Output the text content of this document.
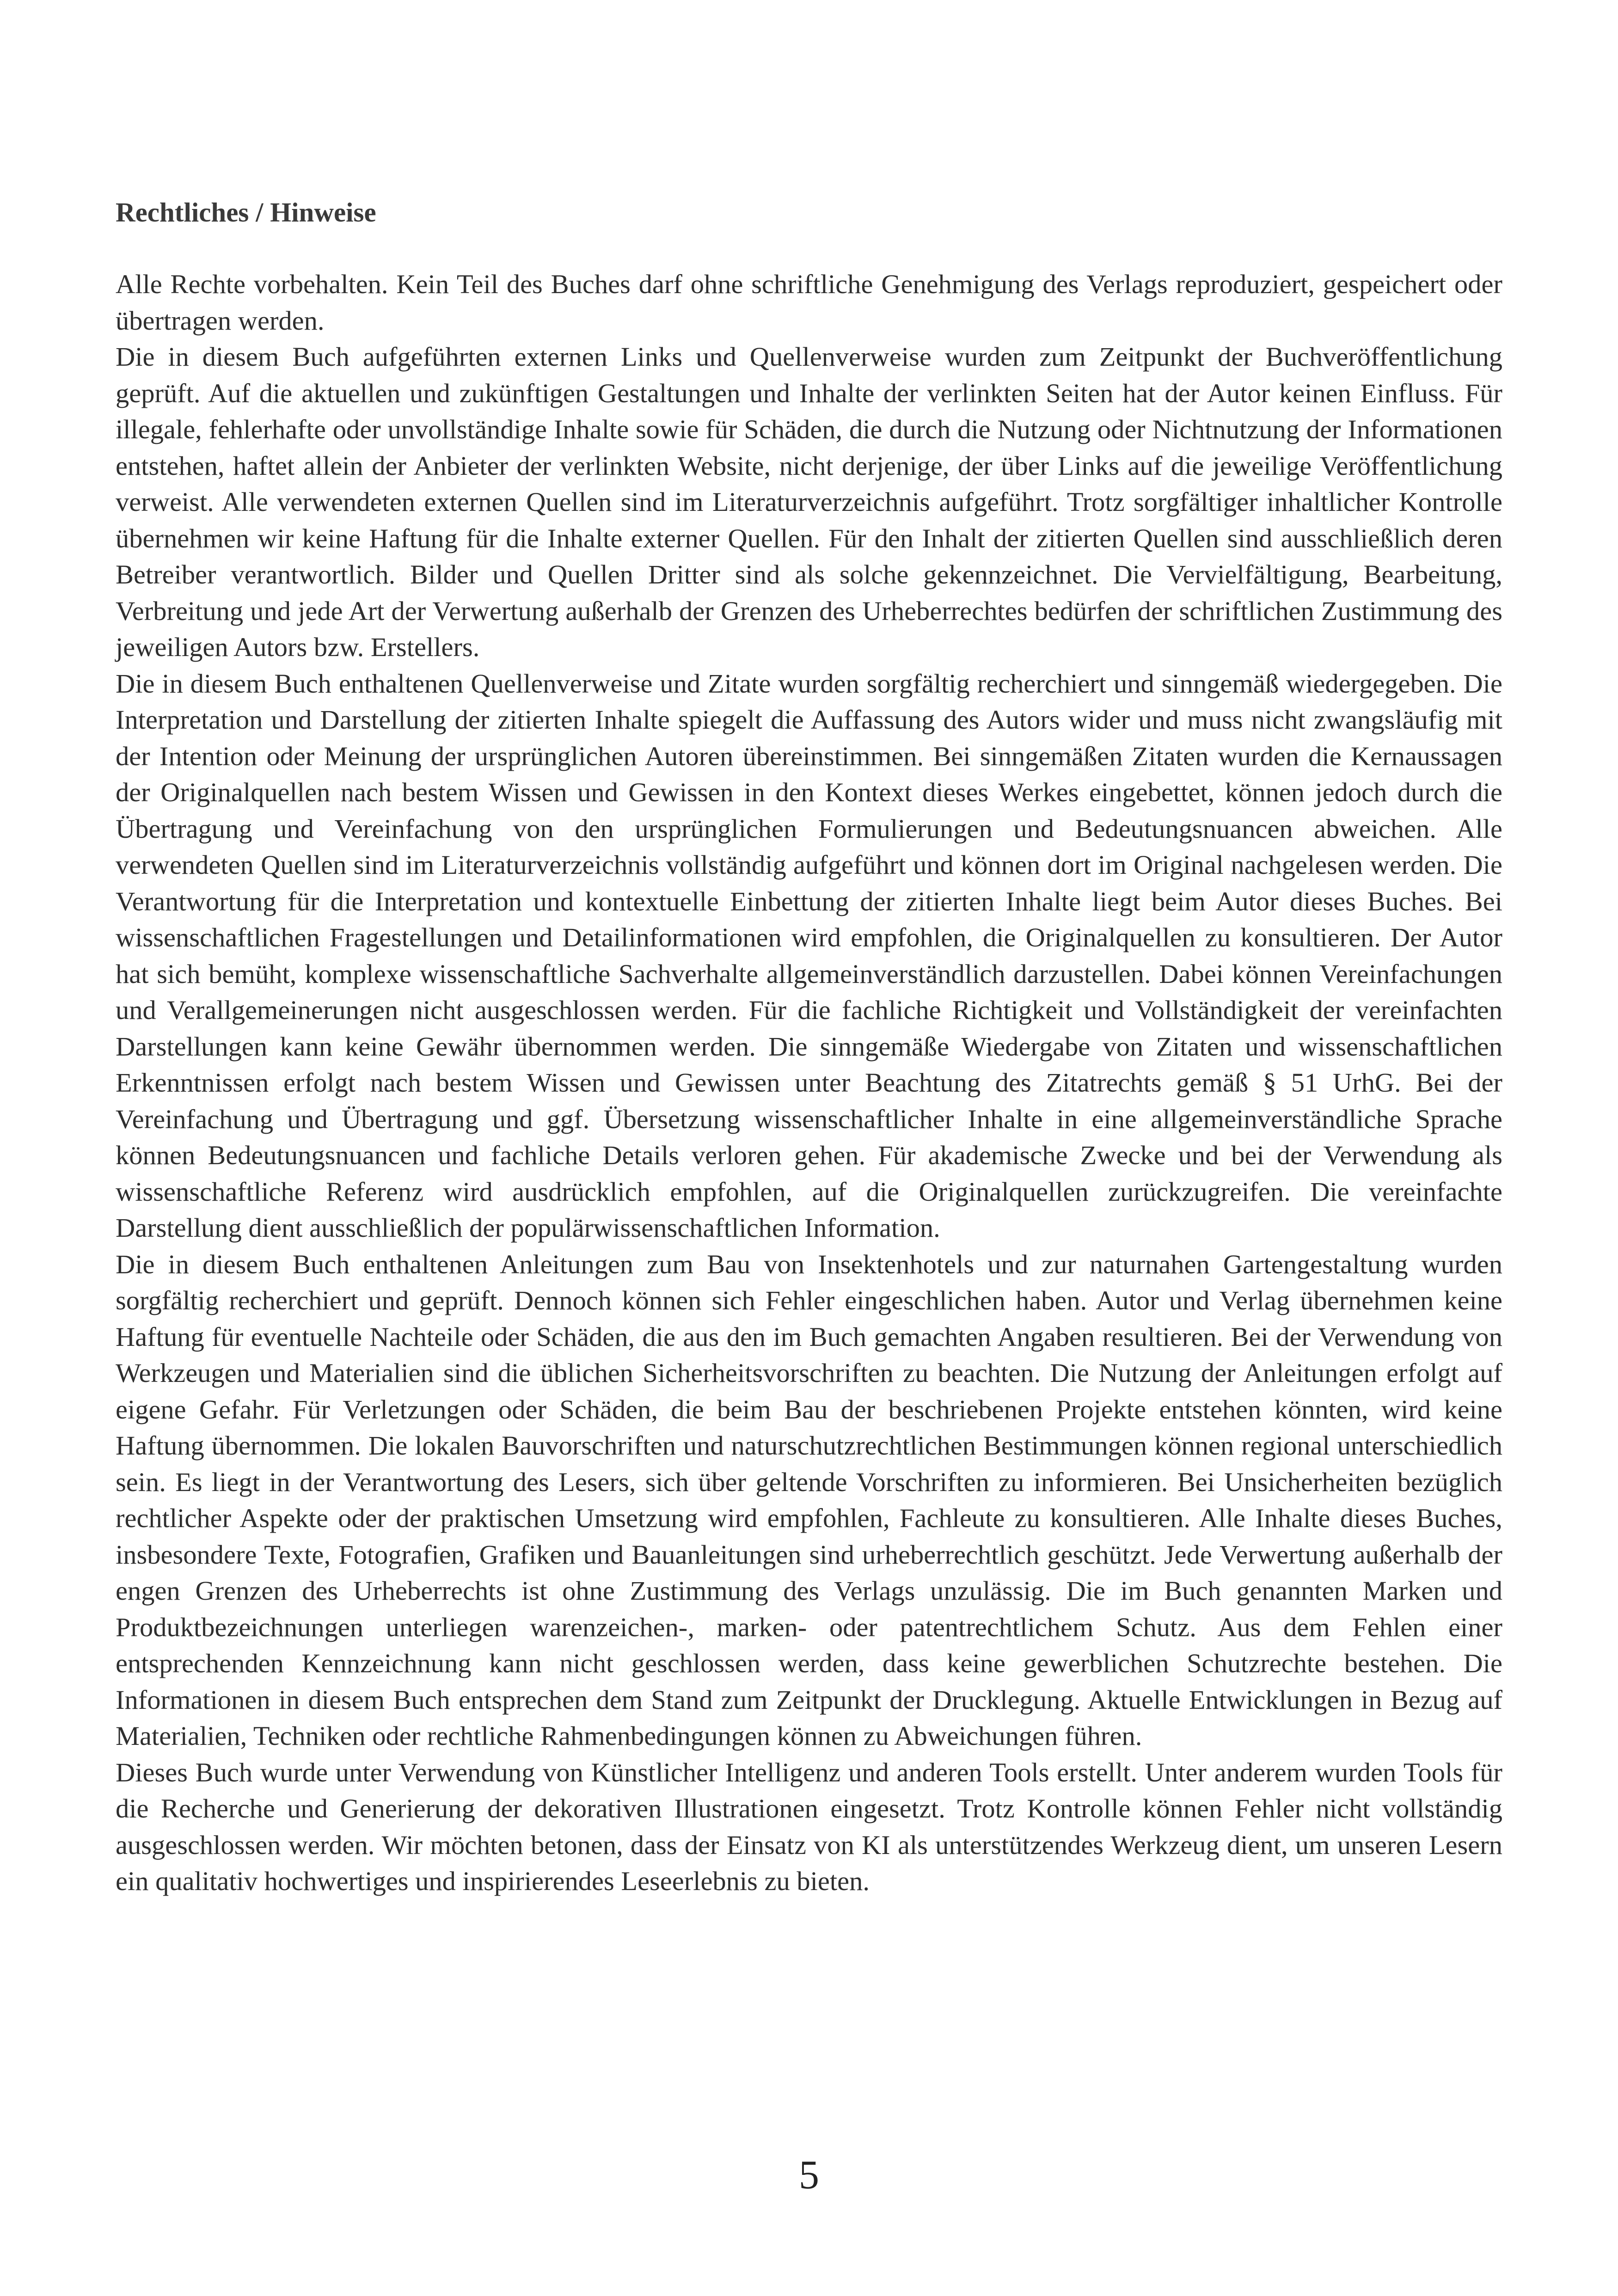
Rechtliches / Hinweise

Alle Rechte vorbehalten. Kein Teil des Buches darf ohne schriftliche Genehmigung des Verlags reproduziert, gespeichert oder übertragen werden.

Die in diesem Buch aufgeführten externen Links und Quellenverweise wurden zum Zeitpunkt der Buchveröffentlichung geprüft. Auf die aktuellen und zukünftigen Gestaltungen und Inhalte der verlinkten Seiten hat der Autor keinen Einfluss. Für illegale, fehlerhafte oder unvollständige Inhalte sowie für Schäden, die durch die Nutzung oder Nichtnutzung der Informationen entstehen, haftet allein der Anbieter der verlinkten Website, nicht derjenige, der über Links auf die jeweilige Veröffentlichung verweist. Alle verwendeten externen Quellen sind im Literaturverzeichnis aufgeführt. Trotz sorgfältiger inhaltlicher Kontrolle übernehmen wir keine Haftung für die Inhalte externer Quellen. Für den Inhalt der zitierten Quellen sind ausschließlich deren Betreiber verantwortlich. Bilder und Quellen Dritter sind als solche gekennzeichnet. Die Vervielfältigung, Bearbeitung, Verbreitung und jede Art der Verwertung außerhalb der Grenzen des Urheberrechtes bedürfen der schriftlichen Zustimmung des jeweiligen Autors bzw. Erstellers.

Die in diesem Buch enthaltenen Quellenverweise und Zitate wurden sorgfältig recherchiert und sinngemäß wiedergegeben. Die Interpretation und Darstellung der zitierten Inhalte spiegelt die Auffassung des Autors wider und muss nicht zwangsläufig mit der Intention oder Meinung der ursprünglichen Autoren übereinstimmen. Bei sinngemäßen Zitaten wurden die Kernaussagen der Originalquellen nach bestem Wissen und Gewissen in den Kontext dieses Werkes eingebettet, können jedoch durch die Übertragung und Vereinfachung von den ursprünglichen Formulierungen und Bedeutungsnuancen abweichen. Alle verwendeten Quellen sind im Literaturverzeichnis vollständig aufgeführt und können dort im Original nachgelesen werden. Die Verantwortung für die Interpretation und kontextuelle Einbettung der zitierten Inhalte liegt beim Autor dieses Buches. Bei wissenschaftlichen Fragestellungen und Detailinformationen wird empfohlen, die Originalquellen zu konsultieren. Der Autor hat sich bemüht, komplexe wissenschaftliche Sachverhalte allgemeinverständlich darzustellen. Dabei können Vereinfachungen und Verallgemeinerungen nicht ausgeschlossen werden. Für die fachliche Richtigkeit und Vollständigkeit der vereinfachten Darstellungen kann keine Gewähr übernommen werden. Die sinngemäße Wiedergabe von Zitaten und wissenschaftlichen Erkenntnissen erfolgt nach bestem Wissen und Gewissen unter Beachtung des Zitatrechts gemäß § 51 UrhG. Bei der Vereinfachung und Übertragung und ggf. Übersetzung wissenschaftlicher Inhalte in eine allgemeinverständliche Sprache können Bedeutungsnuancen und fachliche Details verloren gehen. Für akademische Zwecke und bei der Verwendung als wissenschaftliche Referenz wird ausdrücklich empfohlen, auf die Originalquellen zurückzugreifen. Die vereinfachte Darstellung dient ausschließlich der populärwissenschaftlichen Information.

Die in diesem Buch enthaltenen Anleitungen zum Bau von Insektenhotels und zur naturnahen Gartengestaltung wurden sorgfältig recherchiert und geprüft. Dennoch können sich Fehler eingeschlichen haben. Autor und Verlag übernehmen keine Haftung für eventuelle Nachteile oder Schäden, die aus den im Buch gemachten Angaben resultieren. Bei der Verwendung von Werkzeugen und Materialien sind die üblichen Sicherheitsvorschriften zu beachten. Die Nutzung der Anleitungen erfolgt auf eigene Gefahr. Für Verletzungen oder Schäden, die beim Bau der beschriebenen Projekte entstehen könnten, wird keine Haftung übernommen. Die lokalen Bauvorschriften und naturschutzrechtlichen Bestimmungen können regional unterschiedlich sein. Es liegt in der Verantwortung des Lesers, sich über geltende Vorschriften zu informieren. Bei Unsicherheiten bezüglich rechtlicher Aspekte oder der praktischen Umsetzung wird empfohlen, Fachleute zu konsultieren. Alle Inhalte dieses Buches, insbesondere Texte, Fotografien, Grafiken und Bauanleitungen sind urheberrechtlich geschützt. Jede Verwertung außerhalb der engen Grenzen des Urheberrechts ist ohne Zustimmung des Verlags unzulässig. Die im Buch genannten Marken und Produktbezeichnungen unterliegen warenzeichen-, marken- oder patentrechtlichem Schutz. Aus dem Fehlen einer entsprechenden Kennzeichnung kann nicht geschlossen werden, dass keine gewerblichen Schutzrechte bestehen. Die Informationen in diesem Buch entsprechen dem Stand zum Zeitpunkt der Drucklegung. Aktuelle Entwicklungen in Bezug auf Materialien, Techniken oder rechtliche Rahmenbedingungen können zu Abweichungen führen.

Dieses Buch wurde unter Verwendung von Künstlicher Intelligenz und anderen Tools erstellt. Unter anderem wurden Tools für die Recherche und Generierung der dekorativen Illustrationen eingesetzt. Trotz Kontrolle können Fehler nicht vollständig ausgeschlossen werden. Wir möchten betonen, dass der Einsatz von KI als unterstützendes Werkzeug dient, um unseren Lesern ein qualitativ hochwertiges und inspirierendes Leseerlebnis zu bieten.

5
